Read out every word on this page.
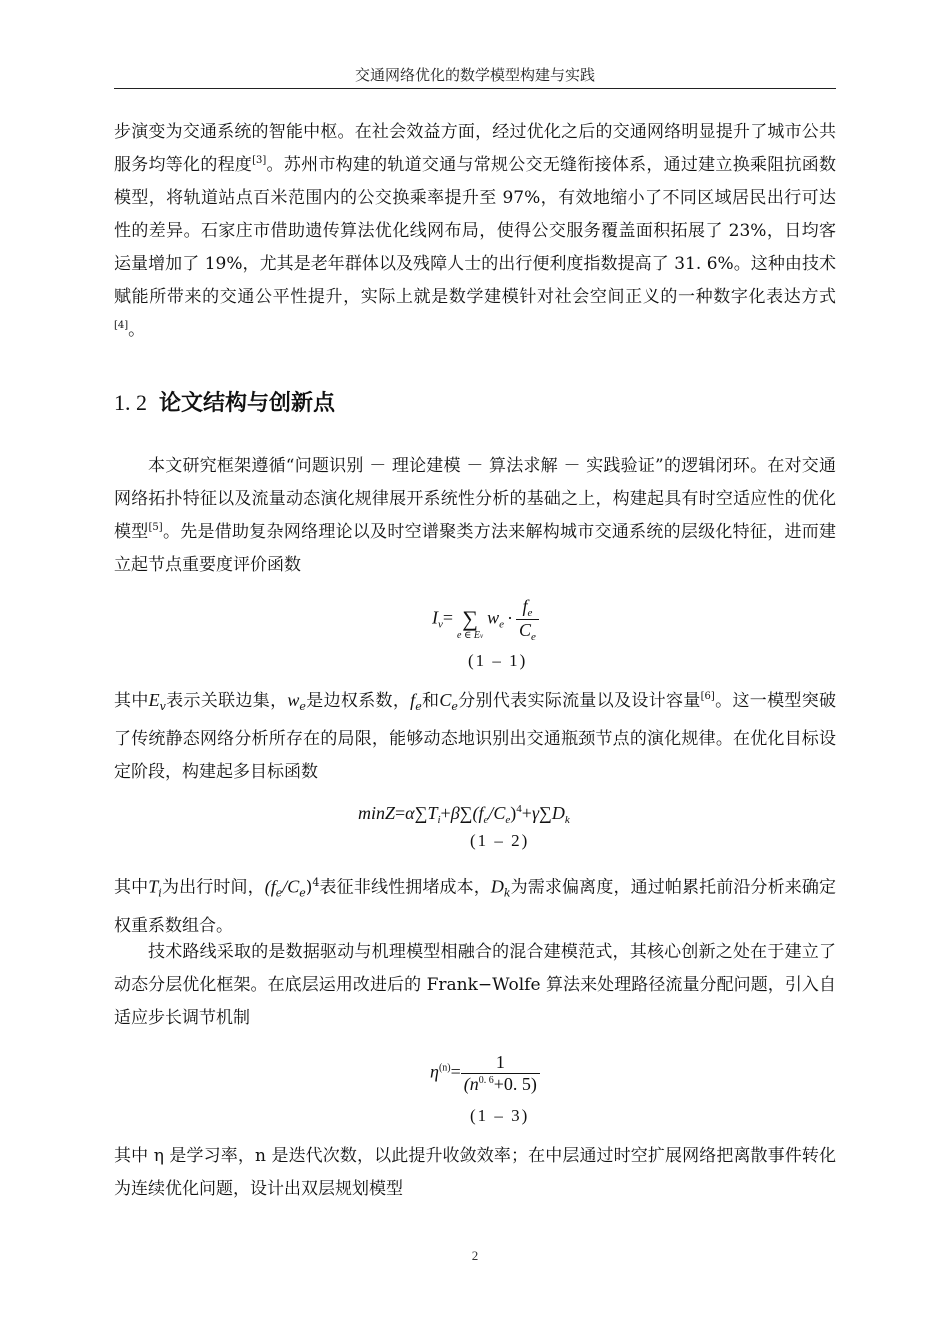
交通网络优化的数学模型构建与实践

步演变为交通系统的智能中枢。在社会效益方面，经过优化之后的交通网络明显提升了城市公共服务均等化的程度[3]。苏州市构建的轨道交通与常规公交无缝衔接体系，通过建立换乘阻抗函数模型，将轨道站点百米范围内的公交换乘率提升至 97%，有效地缩小了不同区域居民出行可达性的差异。石家庄市借助遗传算法优化线网布局，使得公交服务覆盖面积拓展了 23%，日均客运量增加了 19%，尤其是老年群体以及残障人士的出行便利度指数提高了 31. 6%。这种由技术赋能所带来的交通公平性提升，实际上就是数学建模针对社会空间正义的一种数字化表达方式[4]。

1. 2 论文结构与创新点

本文研究框架遵循“问题识别 － 理论建模 － 算法求解 － 实践验证”的逻辑闭环。在对交通网络拓扑特征以及流量动态演化规律展开系统性分析的基础之上，构建起具有时空适应性的优化模型[5]。先是借助复杂网络理论以及时空谱聚类方法来解构城市交通系统的层级化特征，进而建立起节点重要度评价函数

$I_v=$ ∑
e ∈ Ev
$w_e \cdot \frac{f_e}{C_e}$
(1 – 1)

其中$E_v$表示关联边集，$w_e$是边权系数，$f_e$和$C_e$分别代表实际流量以及设计容量[6]。这一模型突破了传统静态网络分析所存在的局限，能够动态地识别出交通瓶颈节点的演化规律。在优化目标设定阶段，构建起多目标函数

$\min Z=\alpha\sum T_i+\beta\sum(f_e/C_e)^4+\gamma\sum D_k$
(1 – 2)

其中$T_i$为出行时间，$(f_e/C_e)^4$表征非线性拥堵成本，$D_k$为需求偏离度，通过帕累托前沿分析来确定权重系数组合。

技术路线采取的是数据驱动与机理模型相融合的混合建模范式，其核心创新之处在于建立了动态分层优化框架。在底层运用改进后的 Frank−Wolfe 算法来处理路径流量分配问题，引入自适应步长调节机制

$\eta^{(n)}= \frac{1}{(n^{0. 6}+0. 5)}$
(1 – 3)

其中 η 是学习率，n 是迭代次数，以此提升收敛效率；在中层通过时空扩展网络把离散事件转化为连续优化问题，设计出双层规划模型

2
